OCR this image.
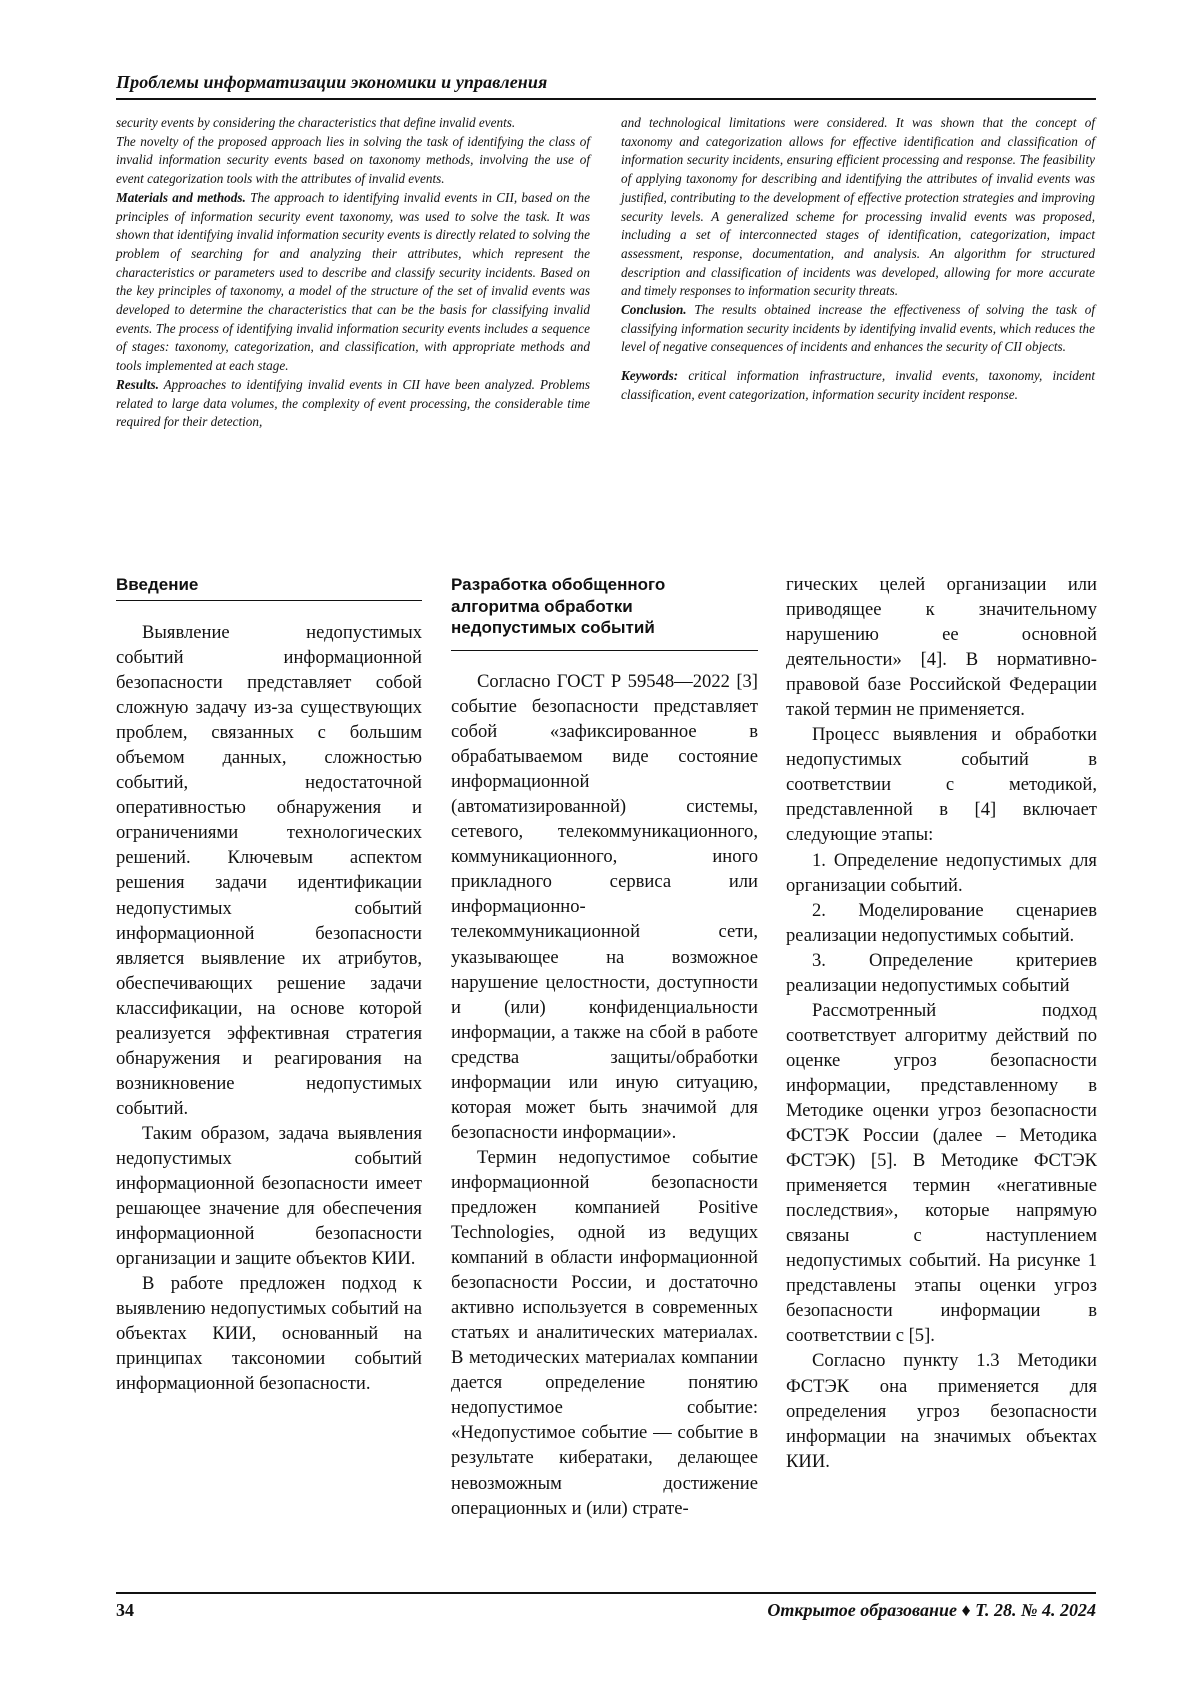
Проблемы информатизации экономики и управления

security events by considering the characteristics that define invalid events.

The novelty of the proposed approach lies in solving the task of identifying the class of invalid information security events based on taxonomy methods, involving the use of event categorization tools with the attributes of invalid events.

Materials and methods. The approach to identifying invalid events in CII, based on the principles of information security event taxonomy, was used to solve the task. It was shown that identifying invalid information security events is directly related to solving the problem of searching for and analyzing their attributes, which represent the characteristics or parameters used to describe and classify security incidents. Based on the key principles of taxonomy, a model of the structure of the set of invalid events was developed to determine the characteristics that can be the basis for classifying invalid events. The process of identifying invalid information security events includes a sequence of stages: taxonomy, categorization, and classification, with appropriate methods and tools implemented at each stage.

Results. Approaches to identifying invalid events in CII have been analyzed. Problems related to large data volumes, the complexity of event processing, the considerable time required for their detection,

and technological limitations were considered. It was shown that the concept of taxonomy and categorization allows for effective identification and classification of information security incidents, ensuring efficient processing and response. The feasibility of applying taxonomy for describing and identifying the attributes of invalid events was justified, contributing to the development of effective protection strategies and improving security levels. A generalized scheme for processing invalid events was proposed, including a set of interconnected stages of identification, categorization, impact assessment, response, documentation, and analysis. An algorithm for structured description and classification of incidents was developed, allowing for more accurate and timely responses to information security threats.

Conclusion. The results obtained increase the effectiveness of solving the task of classifying information security incidents by identifying invalid events, which reduces the level of negative consequences of incidents and enhances the security of CII objects.

Keywords: critical information infrastructure, invalid events, taxonomy, incident classification, event categorization, information security incident response.

Введение	Разработка обобщенного алгоритма обработки недопустимых событий

Выявление недопустимых событий информационной безопасности представляет собой сложную задачу из-за существующих проблем, связанных с большим объемом данных, сложностью событий, недостаточной оперативностью обнаружения и ограничениями технологических решений. Ключевым аспектом решения задачи идентификации недопустимых событий информационной безопасности является выявление их атрибутов, обеспечивающих решение задачи классификации, на основе которой реализуется эффективная стратегия обнаружения и реагирования на возникновение недопустимых событий.

Таким образом, задача выявления недопустимых событий информационной безопасности имеет решающее значение для обеспечения информационной безопасности организации и защите объектов КИИ.

В работе предложен подход к выявлению недопустимых событий на объектах КИИ, основанный на принципах таксономии событий информационной безопасности.

Согласно ГОСТ Р 59548—2022 [3] событие безопасности представляет собой «зафиксированное в обрабатываемом виде состояние информационной (автоматизированной) системы, сетевого, телекоммуникационного, коммуникационного, иного прикладного сервиса или информационно-телекоммуникационной сети, указывающее на возможное нарушение целостности, доступности и (или) конфиденциальности информации, а также на сбой в работе средства защиты/обработки информации или иную ситуацию, которая может быть значимой для безопасности информации».

Термин недопустимое событие информационной безопасности предложен компанией Positive Technologies, одной из ведущих компаний в области информационной безопасности России, и достаточно активно используется в современных статьях и аналитических материалах. В методических материалах компании дается определение понятию недопустимое событие: «Недопустимое событие — событие в результате кибератаки, делающее невозможным достижение операционных и (или) страте-

гических целей организации или приводящее к значительному нарушению ее основной деятельности» [4]. В нормативно-правовой базе Российской Федерации такой термин не применяется.

Процесс выявления и обработки недопустимых событий в соответствии с методикой, представленной в [4] включает следующие этапы:

1. Определение недопустимых для организации событий.

2. Моделирование сценариев реализации недопустимых событий.

3. Определение критериев реализации недопустимых событий

Рассмотренный подход соответствует алгоритму действий по оценке угроз безопасности информации, представленному в Методике оценки угроз безопасности ФСТЭК России (далее – Методика ФСТЭК) [5]. В Методике ФСТЭК применяется термин «негативные последствия», которые напрямую связаны с наступлением недопустимых событий. На рисунке 1 представлены этапы оценки угроз безопасности информации в соответствии с [5].

Согласно пункту 1.3 Методики ФСТЭК она применяется для определения угроз безопасности информации на значимых объектах КИИ.

34	Открытое образование ♦ Т. 28. № 4. 2024
